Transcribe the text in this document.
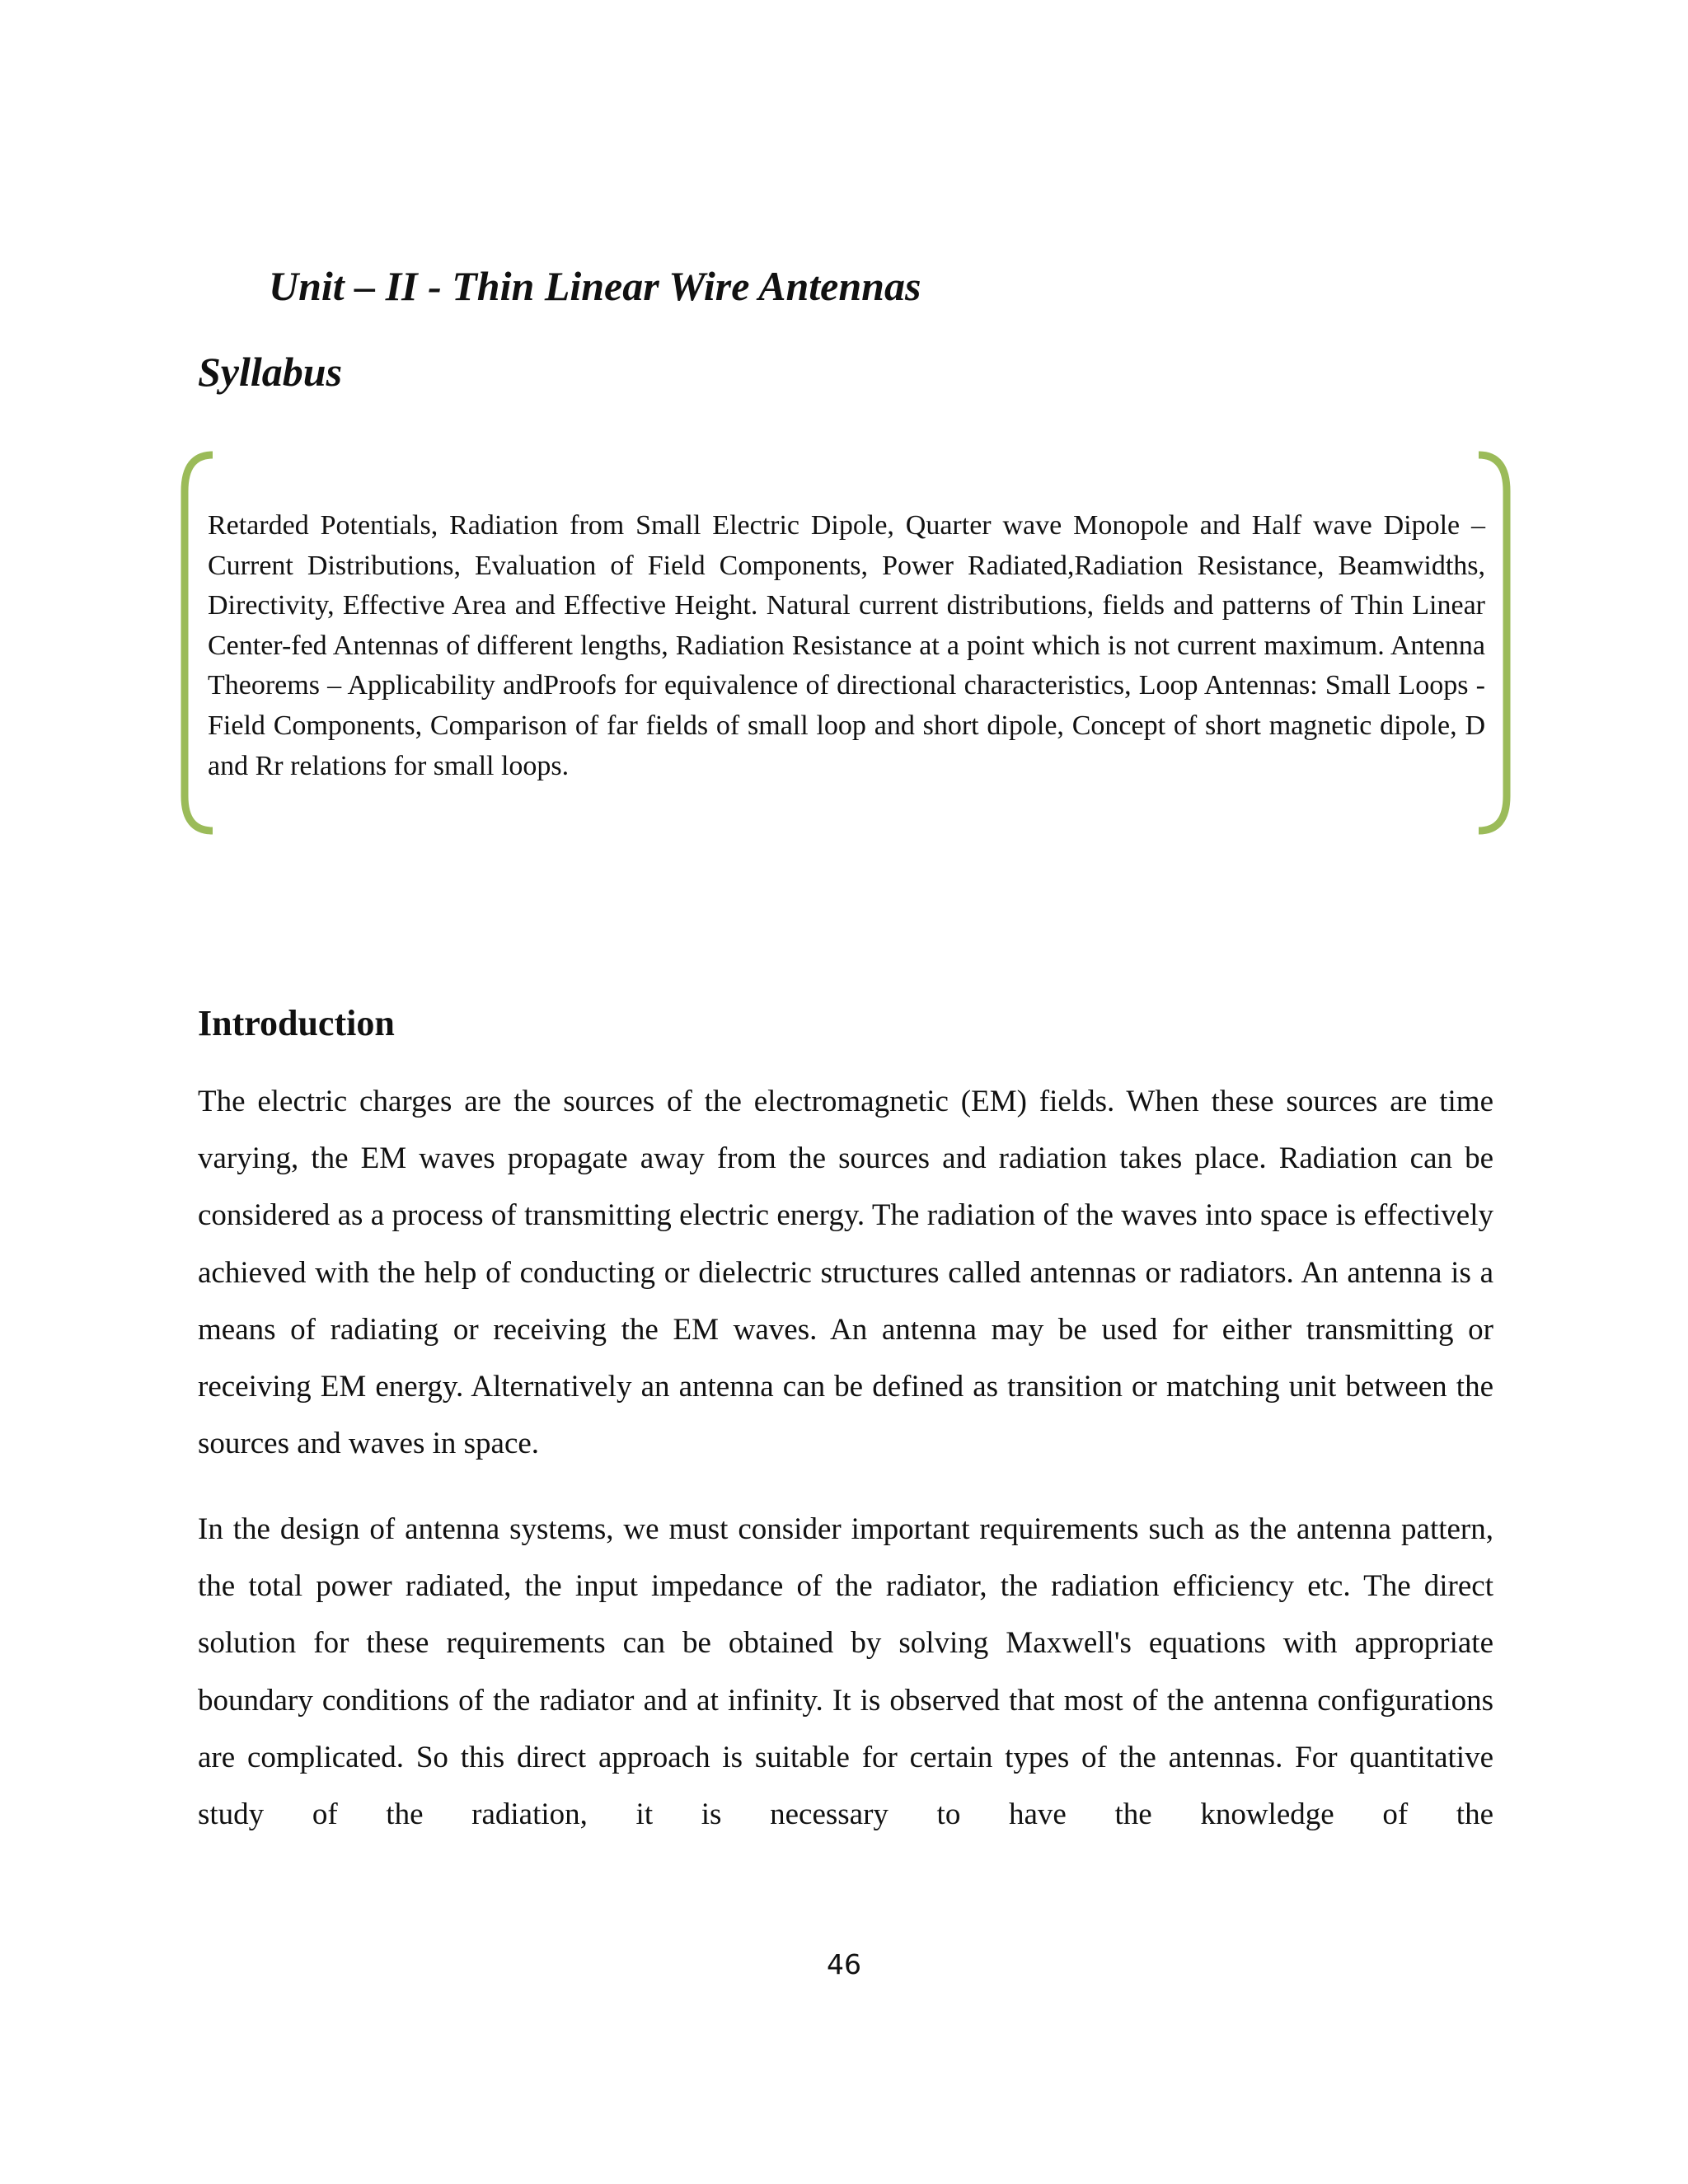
Unit – II - Thin Linear Wire Antennas
Syllabus

Retarded Potentials, Radiation from Small Electric Dipole, Quarter wave Monopole and Half wave Dipole –Current Distributions, Evaluation of Field Components, Power Radiated,Radiation Resistance, Beamwidths, Directivity, Effective Area and Effective Height. Natural current distributions, fields and patterns of Thin Linear Center-fed Antennas of different lengths, Radiation Resistance at a point which is not current maximum. Antenna Theorems – Applicability andProofs for equivalence of directional characteristics, Loop Antennas: Small Loops - Field Components, Comparison of far fields of small loop and short dipole, Concept of short magnetic dipole, D and Rr relations for small loops.

Introduction

The electric charges are the sources of the electromagnetic (EM) fields. When these sources are time varying, the EM waves propagate away from the sources and radiation takes place. Radiation can be considered as a process of transmitting electric energy. The radiation of the waves into space is effectively achieved with the help of conducting or dielectric structures called antennas or radiators. An antenna is a means of radiating or receiving the EM waves. An antenna may be used for either transmitting or receiving EM energy. Alternatively an antenna can be defined as transition or matching unit between the sources and waves in space.

In the design of antenna systems, we must consider important requirements such as the antenna pattern, the total power radiated, the input impedance of the radiator, the radiation efficiency etc. The direct solution for these requirements can be obtained by solving Maxwell's equations with appropriate boundary conditions of the radiator and at infinity. It is observed that most of the antenna configurations are complicated. So this direct approach is suitable for certain types of the antennas. For quantitative study of the radiation, it is necessary to have the knowledge of the

46
